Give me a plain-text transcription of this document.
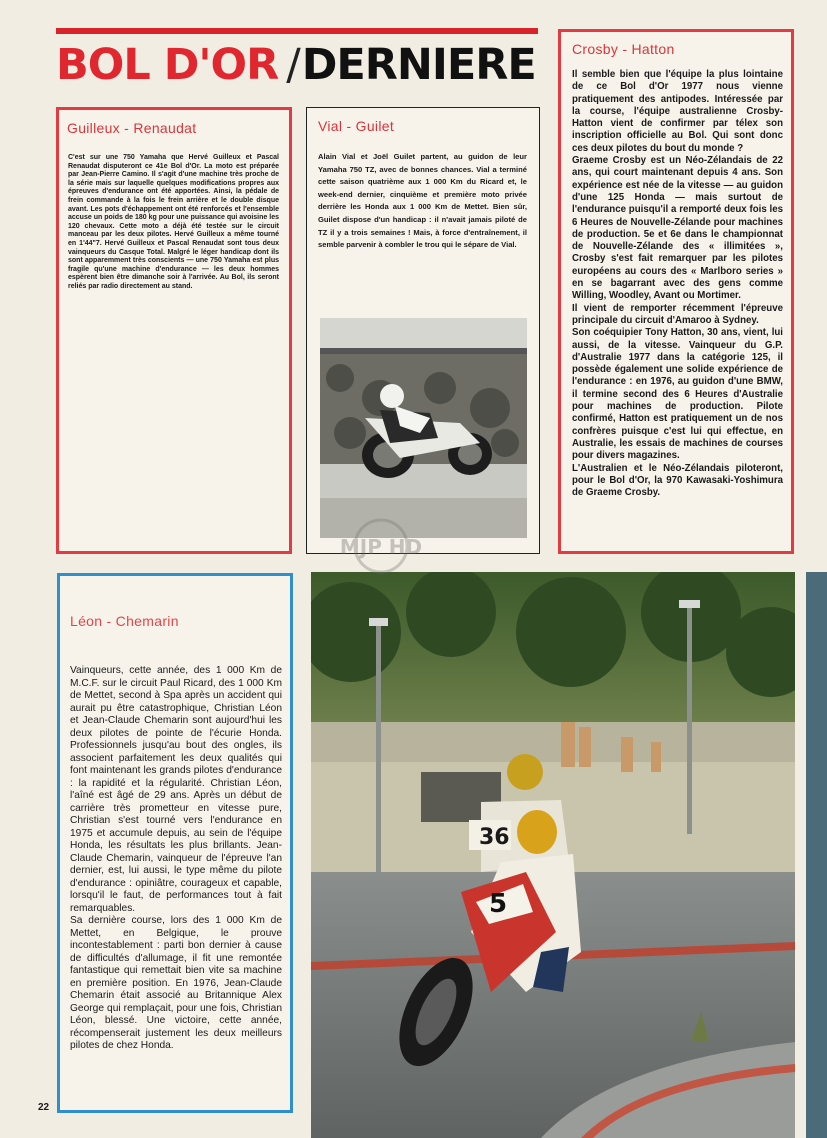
BOL D'OR /DERNIERE
Guilleux - Renaudat
C'est sur une 750 Yamaha que Hervé Guilleux et Pascal Renaudat disputeront ce 41e Bol d'Or. La moto est préparée par Jean-Pierre Camino. Il s'agit d'une machine très proche de la série mais sur laquelle quelques modifications propres aux épreuves d'endurance ont été apportées. Ainsi, la pédale de frein commande à la fois le frein arrière et le double disque avant. Les pots d'échappement ont été renforcés et l'ensemble accuse un poids de 180 kg pour une puissance qui avoisine les 120 chevaux. Cette moto a déjà été testée sur le circuit manceau par les deux pilotes. Hervé Guilleux a même tourné en 1'44"7. Hervé Guilleux et Pascal Renaudat sont tous deux vainqueurs du Casque Total. Malgré le léger handicap dont ils sont apparemment très conscients — une 750 Yamaha est plus fragile qu'une machine d'endurance — les deux hommes espèrent bien être dimanche soir à l'arrivée. Au Bol, ils seront reliés par radio directement au stand.
Vial - Guilet
Alain Vial et Joël Guilet partent, au guidon de leur Yamaha 750 TZ, avec de bonnes chances. Vial a terminé cette saison quatrième aux 1 000 Km du Ricard et, le week-end dernier, cinquième et première moto privée derrière les Honda aux 1 000 Km de Mettet. Bien sûr, Guilet dispose d'un handicap : il n'avait jamais piloté de TZ il y a trois semaines ! Mais, à force d'entraînement, il semble parvenir à combler le trou qui le sépare de Vial.
Crosby - Hatton

Il semble bien que l'équipe la plus lointaine de ce Bol d'Or 1977 nous vienne pratiquement des antipodes. Intéressée par la course, l'équipe australienne Crosby-Hatton vient de confirmer par télex son inscription officielle au Bol. Qui sont donc ces deux pilotes du bout du monde ?

Graeme Crosby est un Néo-Zélandais de 22 ans, qui court maintenant depuis 4 ans. Son expérience est née de la vitesse — au guidon d'une 125 Honda — mais surtout de l'endurance puisqu'il a remporté deux fois les 6 Heures de Nouvelle-Zélande pour machines de production. 5e et 6e dans le championnat de Nouvelle-Zélande des « illimitées », Crosby s'est fait remarquer par les pilotes européens au cours des « Marlboro series » en se bagarrant avec des gens comme Willing, Woodley, Avant ou Mortimer.

Il vient de remporter récemment l'épreuve principale du circuit d'Amaroo à Sydney.

Son coéquipier Tony Hatton, 30 ans, vient, lui aussi, de la vitesse. Vainqueur du G.P. d'Australie 1977 dans la catégorie 125, il possède également une solide expérience de l'endurance : en 1976, au guidon d'une BMW, il termine second des 6 Heures d'Australie pour machines de production. Pilote confirmé, Hatton est pratiquement un de nos confrères puisque c'est lui qui effectue, en Australie, les essais de machines de courses pour divers magazines.

L'Australien et le Néo-Zélandais piloteront, pour le Bol d'Or, la 970 Kawasaki-Yoshimura de Graeme Crosby.

Léon - Chemarin

Vainqueurs, cette année, des 1 000 Km de M.C.F. sur le circuit Paul Ricard, des 1 000 Km de Mettet, second à Spa après un accident qui aurait pu être catastrophique, Christian Léon et Jean-Claude Chemarin sont aujourd'hui les deux pilotes de pointe de l'écurie Honda. Professionnels jusqu'au bout des ongles, ils associent parfaitement les deux qualités qui font maintenant les grands pilotes d'endurance : la rapidité et la régularité. Christian Léon, l'aîné est âgé de 29 ans. Après un début de carrière très prometteur en vitesse pure, Christian s'est tourné vers l'endurance en 1975 et accumule depuis, au sein de l'équipe Honda, les résultats les plus brillants. Jean-Claude Chemarin, vainqueur de l'épreuve l'an dernier, est, lui aussi, le type même du pilote d'endurance : opiniâtre, courageux et capable, lorsqu'il le faut, de performances tout à fait remarquables.

Sa dernière course, lors des 1 000 Km de Mettet, en Belgique, le prouve incontestablement : parti bon dernier à cause de difficultés d'allumage, il fit une remontée fantastique qui remettait bien vite sa machine en première position. En 1976, Jean-Claude Chemarin était associé au Britannique Alex George qui remplaçait, pour une fois, Christian Léon, blessé. Une victoire, cette année, récompenserait justement les deux meilleurs pilotes de chez Honda.

36
5
MJP HD
22
